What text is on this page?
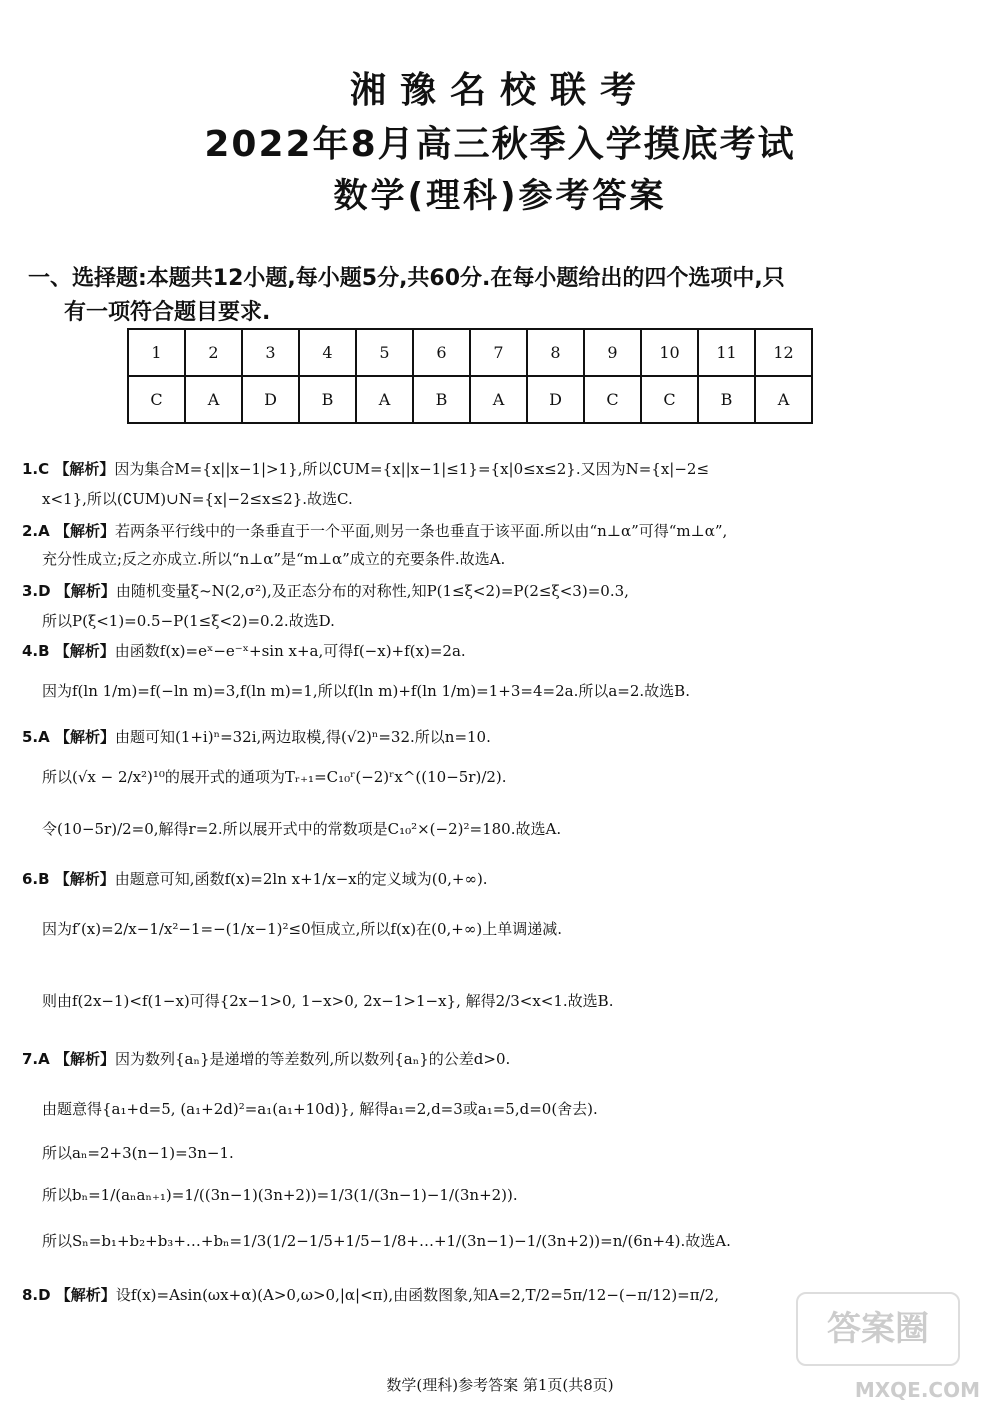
湘豫名校联考
2022年8月高三秋季入学摸底考试
数学(理科)参考答案
一、选择题:本题共12小题,每小题5分,共60分.在每小题给出的四个选项中,只
有一项符合题目要求.
1	2	3	4	5	6	7	8	9	10	11	12
C	A	D	B	A	B	A	D	C	C	B	A
1.C 【解析】因为集合M={x||x−1|>1},所以∁UM={x||x−1|≤1}={x|0≤x≤2}.又因为N={x|−2≤
x<1},所以(∁UM)∪N={x|−2≤x≤2}.故选C.
2.A 【解析】若两条平行线中的一条垂直于一个平面,则另一条也垂直于该平面.所以由“n⊥α”可得“m⊥α”,
充分性成立;反之亦成立.所以“n⊥α”是“m⊥α”成立的充要条件.故选A.
3.D 【解析】由随机变量ξ~N(2,σ²),及正态分布的对称性,知P(1≤ξ<2)=P(2≤ξ<3)=0.3,
所以P(ξ<1)=0.5−P(1≤ξ<2)=0.2.故选D.
4.B 【解析】由函数f(x)=eˣ−e⁻ˣ+sin x+a,可得f(−x)+f(x)=2a.
因为f(ln 1/m)=f(−ln m)=3,f(ln m)=1,所以f(ln m)+f(ln 1/m)=1+3=4=2a.所以a=2.故选B.
5.A 【解析】由题可知(1+i)ⁿ=32i,两边取模,得(√2)ⁿ=32.所以n=10.
所以(√x − 2/x²)¹⁰的展开式的通项为Tᵣ₊₁=C₁₀ʳ(−2)ʳx^((10−5r)/2).
令(10−5r)/2=0,解得r=2.所以展开式中的常数项是C₁₀²×(−2)²=180.故选A.
6.B 【解析】由题意可知,函数f(x)=2ln x+1/x−x的定义域为(0,+∞).
因为f′(x)=2/x−1/x²−1=−(1/x−1)²≤0恒成立,所以f(x)在(0,+∞)上单调递减.
则由f(2x−1)<f(1−x)可得{2x−1>0, 1−x>0, 2x−1>1−x}, 解得2/3<x<1.故选B.
7.A 【解析】因为数列{aₙ}是递增的等差数列,所以数列{aₙ}的公差d>0.
由题意得{a₁+d=5, (a₁+2d)²=a₁(a₁+10d)}, 解得a₁=2,d=3或a₁=5,d=0(舍去).
所以aₙ=2+3(n−1)=3n−1.
所以bₙ=1/(aₙaₙ₊₁)=1/((3n−1)(3n+2))=1/3(1/(3n−1)−1/(3n+2)).
所以Sₙ=b₁+b₂+b₃+…+bₙ=1/3(1/2−1/5+1/5−1/8+…+1/(3n−1)−1/(3n+2))=n/(6n+4).故选A.
8.D 【解析】设f(x)=Asin(ωx+α)(A>0,ω>0,|α|<π),由函数图象,知A=2,T/2=5π/12−(−π/12)=π/2,
数学(理科)参考答案 第1页(共8页)
答案圈
MXQE.COM
